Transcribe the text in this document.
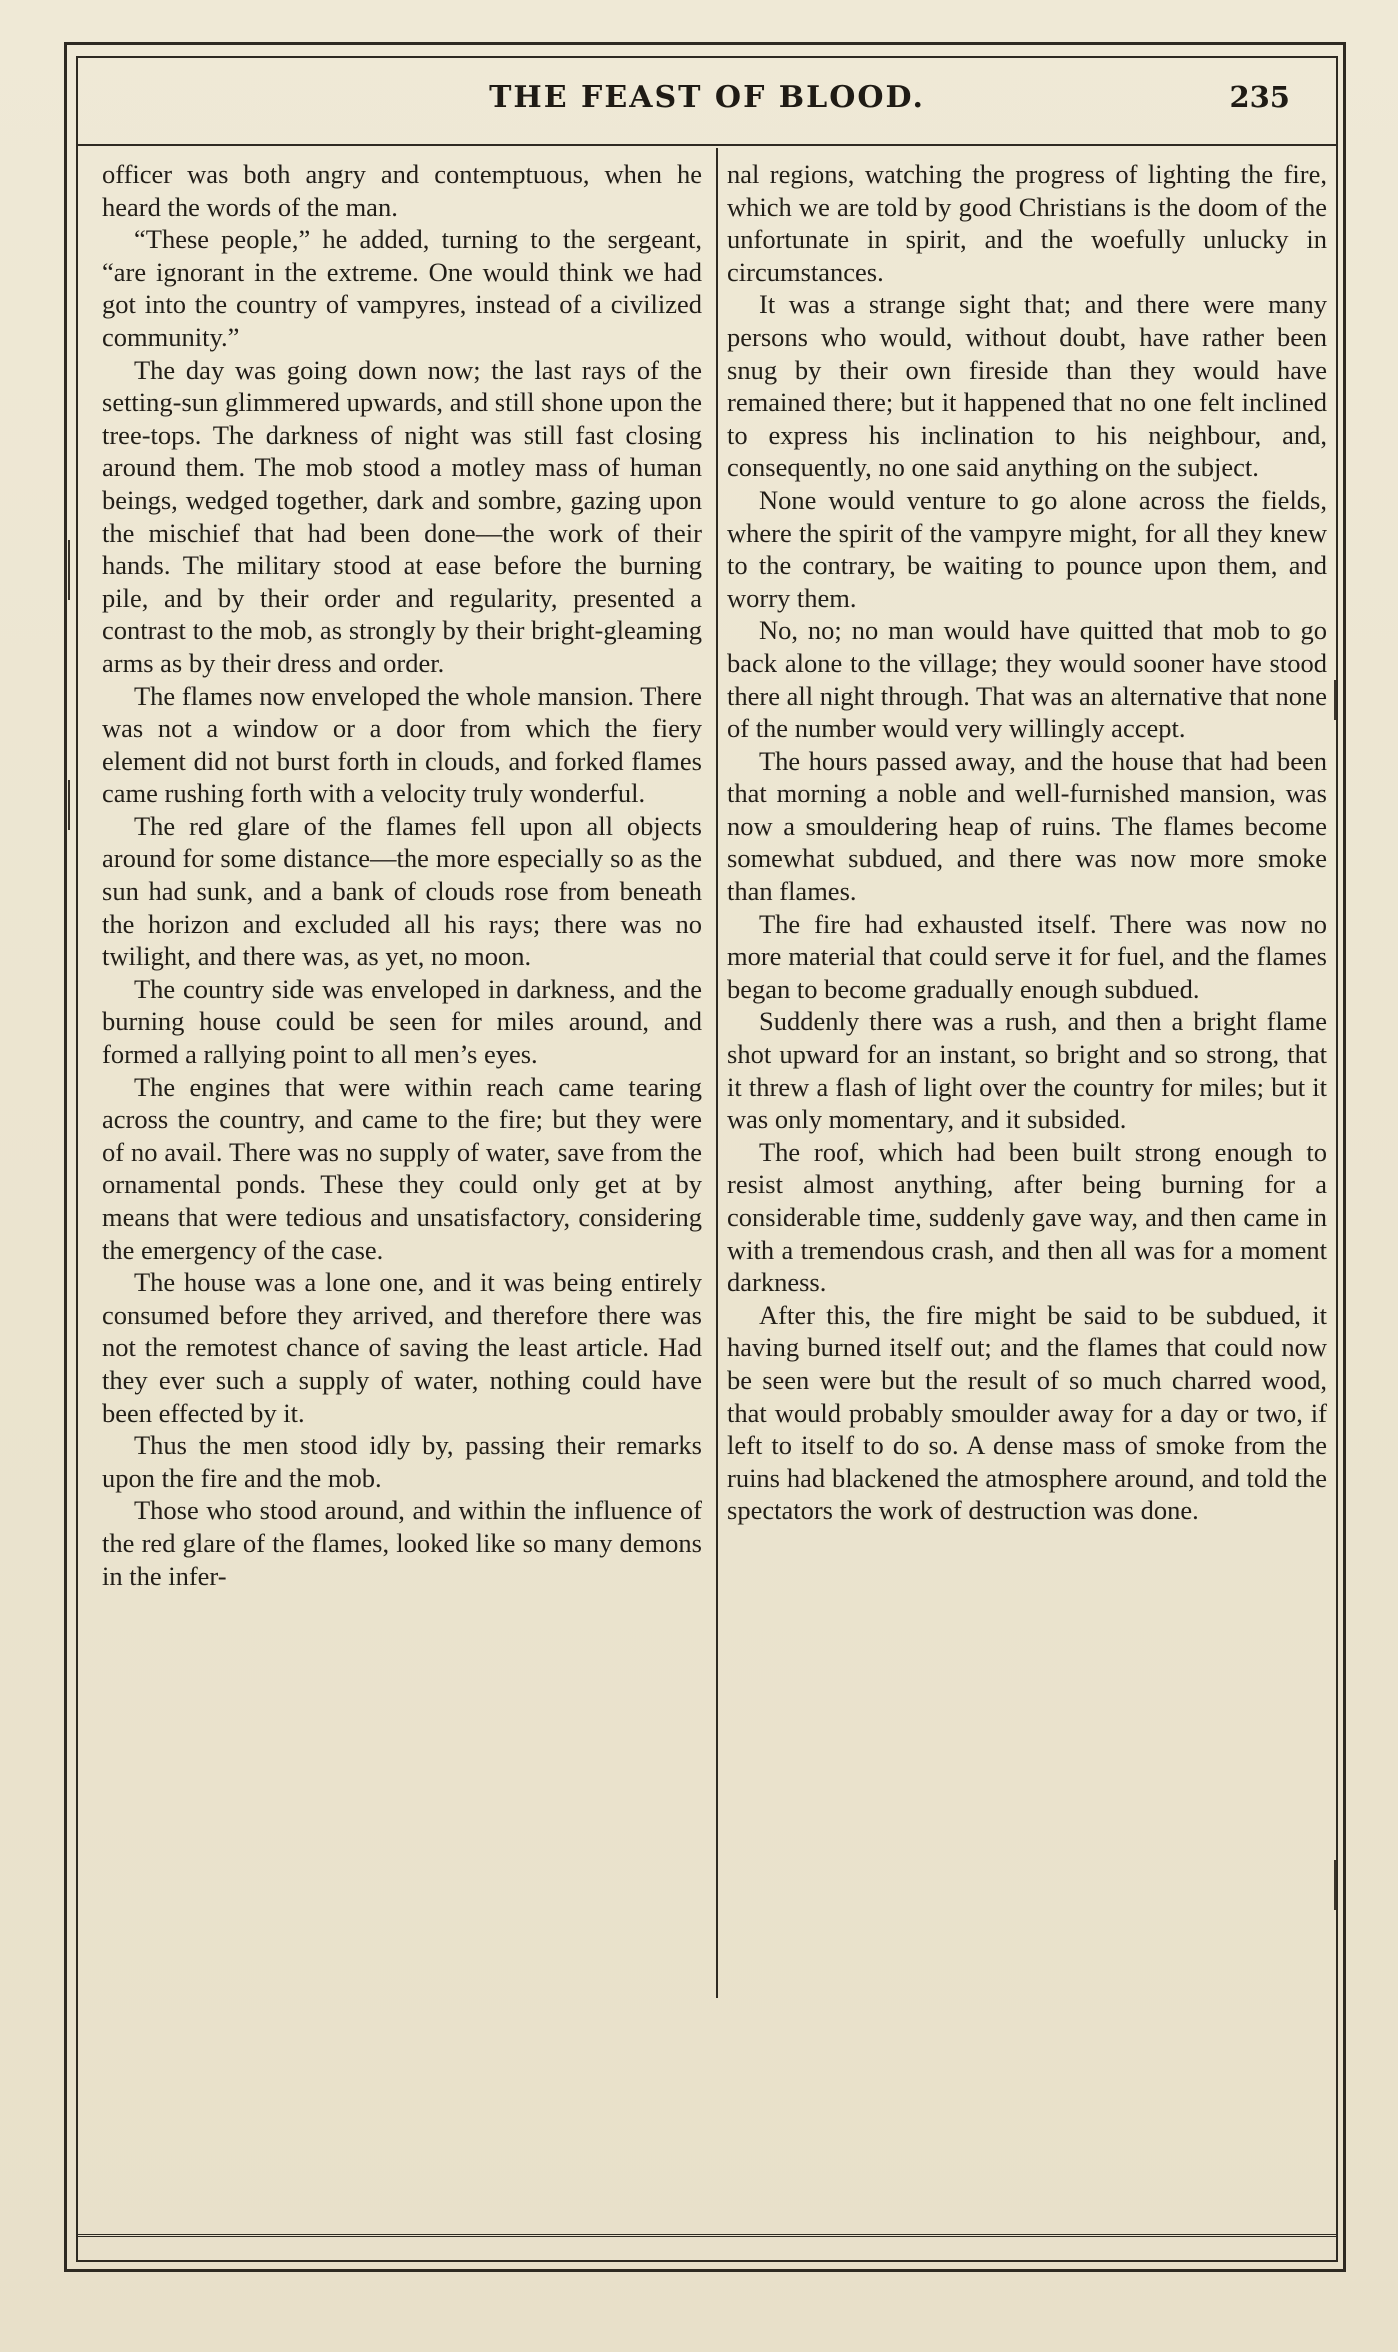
THE FEAST OF BLOOD.	235

officer was both angry and contemptuous, when he heard the words of the man.

“These people,” he added, turning to the sergeant, “are ignorant in the extreme. One would think we had got into the country of vampyres, instead of a civilized community.”

The day was going down now; the last rays of the setting-sun glimmered upwards, and still shone upon the tree-tops. The darkness of night was still fast closing around them. The mob stood a motley mass of human beings, wedged together, dark and sombre, gazing upon the mischief that had been done—the work of their hands. The military stood at ease before the burning pile, and by their order and regularity, presented a contrast to the mob, as strongly by their bright-gleaming arms as by their dress and order.

The flames now enveloped the whole mansion. There was not a window or a door from which the fiery element did not burst forth in clouds, and forked flames came rushing forth with a velocity truly wonderful.

The red glare of the flames fell upon all objects around for some distance—the more especially so as the sun had sunk, and a bank of clouds rose from beneath the horizon and excluded all his rays; there was no twilight, and there was, as yet, no moon.

The country side was enveloped in darkness, and the burning house could be seen for miles around, and formed a rallying point to all men’s eyes.

The engines that were within reach came tearing across the country, and came to the fire; but they were of no avail. There was no supply of water, save from the ornamental ponds. These they could only get at by means that were tedious and unsatisfactory, considering the emergency of the case.

The house was a lone one, and it was being entirely consumed before they arrived, and therefore there was not the remotest chance of saving the least article. Had they ever such a supply of water, nothing could have been effected by it.

Thus the men stood idly by, passing their remarks upon the fire and the mob.

Those who stood around, and within the influence of the red glare of the flames, looked like so many demons in the infer-

nal regions, watching the progress of lighting the fire, which we are told by good Christians is the doom of the unfortunate in spirit, and the woefully unlucky in circumstances.

It was a strange sight that; and there were many persons who would, without doubt, have rather been snug by their own fireside than they would have remained there; but it happened that no one felt inclined to express his inclination to his neighbour, and, consequently, no one said anything on the subject.

None would venture to go alone across the fields, where the spirit of the vampyre might, for all they knew to the contrary, be waiting to pounce upon them, and worry them.

No, no; no man would have quitted that mob to go back alone to the village; they would sooner have stood there all night through. That was an alternative that none of the number would very willingly accept.

The hours passed away, and the house that had been that morning a noble and well-furnished mansion, was now a smouldering heap of ruins. The flames become somewhat subdued, and there was now more smoke than flames.

The fire had exhausted itself. There was now no more material that could serve it for fuel, and the flames began to become gradually enough subdued.

Suddenly there was a rush, and then a bright flame shot upward for an instant, so bright and so strong, that it threw a flash of light over the country for miles; but it was only momentary, and it subsided.

The roof, which had been built strong enough to resist almost anything, after being burning for a considerable time, suddenly gave way, and then came in with a tremendous crash, and then all was for a moment darkness.

After this, the fire might be said to be subdued, it having burned itself out; and the flames that could now be seen were but the result of so much charred wood, that would probably smoulder away for a day or two, if left to itself to do so. A dense mass of smoke from the ruins had blackened the atmosphere around, and told the spectators the work of destruction was done.
